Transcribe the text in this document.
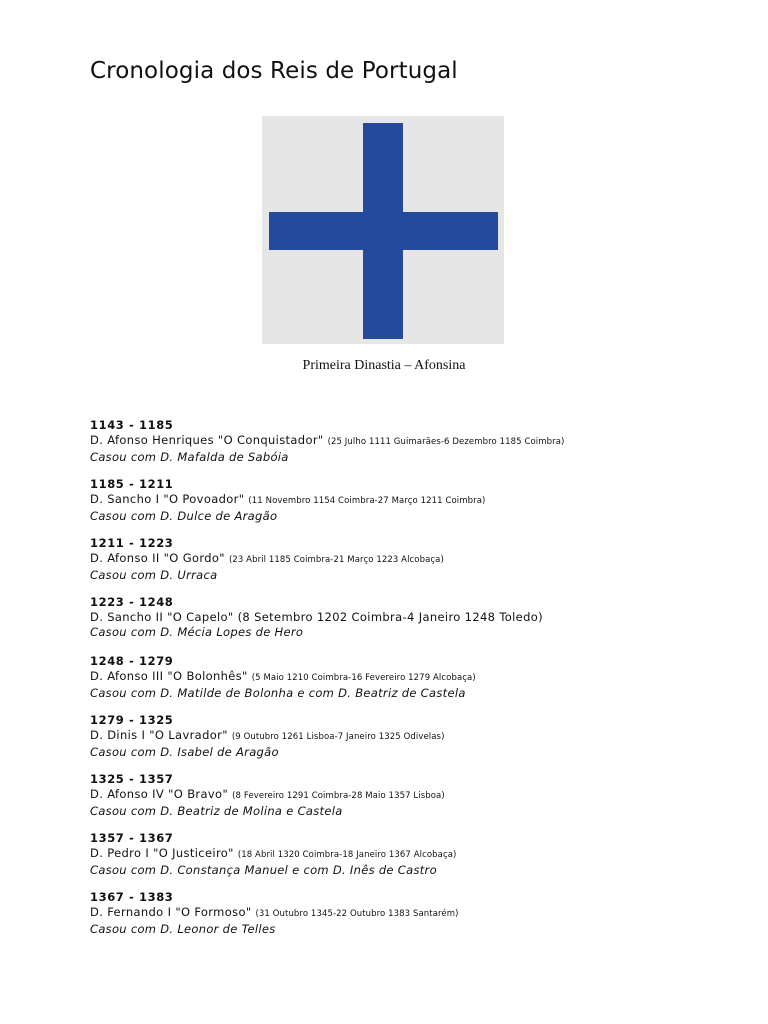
Cronologia dos Reis de Portugal
Primeira Dinastia – Afonsina
1143 - 1185
D. Afonso Henriques "O Conquistador" (25 Julho 1111 Guimarães-6 Dezembro 1185 Coimbra)
Casou com D. Mafalda de Sabóia
1185 - 1211
D. Sancho I "O Povoador" (11 Novembro 1154 Coimbra-27 Março 1211 Coimbra)
Casou com D. Dulce de Aragão
1211 - 1223
D. Afonso II "O Gordo" (23 Abril 1185 Coimbra-21 Março 1223 Alcobaça)
Casou com D. Urraca
1223 - 1248
D. Sancho II "O Capelo" (8 Setembro 1202 Coimbra-4 Janeiro 1248 Toledo)
Casou com D. Mécia Lopes de Hero
1248 - 1279
D. Afonso III "O Bolonhês" (5 Maio 1210 Coimbra-16 Fevereiro 1279 Alcobaça)
Casou com D. Matilde de Bolonha e com D. Beatriz de Castela
1279 - 1325
D. Dinis I "O Lavrador" (9 Outubro 1261 Lisboa-7 Janeiro 1325 Odivelas)
Casou com D. Isabel de Aragão
1325 - 1357
D. Afonso IV "O Bravo" (8 Fevereiro 1291 Coimbra-28 Maio 1357 Lisboa)
Casou com D. Beatriz de Molina e Castela
1357 - 1367
D. Pedro I "O Justiceiro" (18 Abril 1320 Coimbra-18 Janeiro 1367 Alcobaça)
Casou com D. Constança Manuel e com D. Inês de Castro
1367 - 1383
D. Fernando I "O Formoso" (31 Outubro 1345-22 Outubro 1383 Santarém)
Casou com D. Leonor de Telles
